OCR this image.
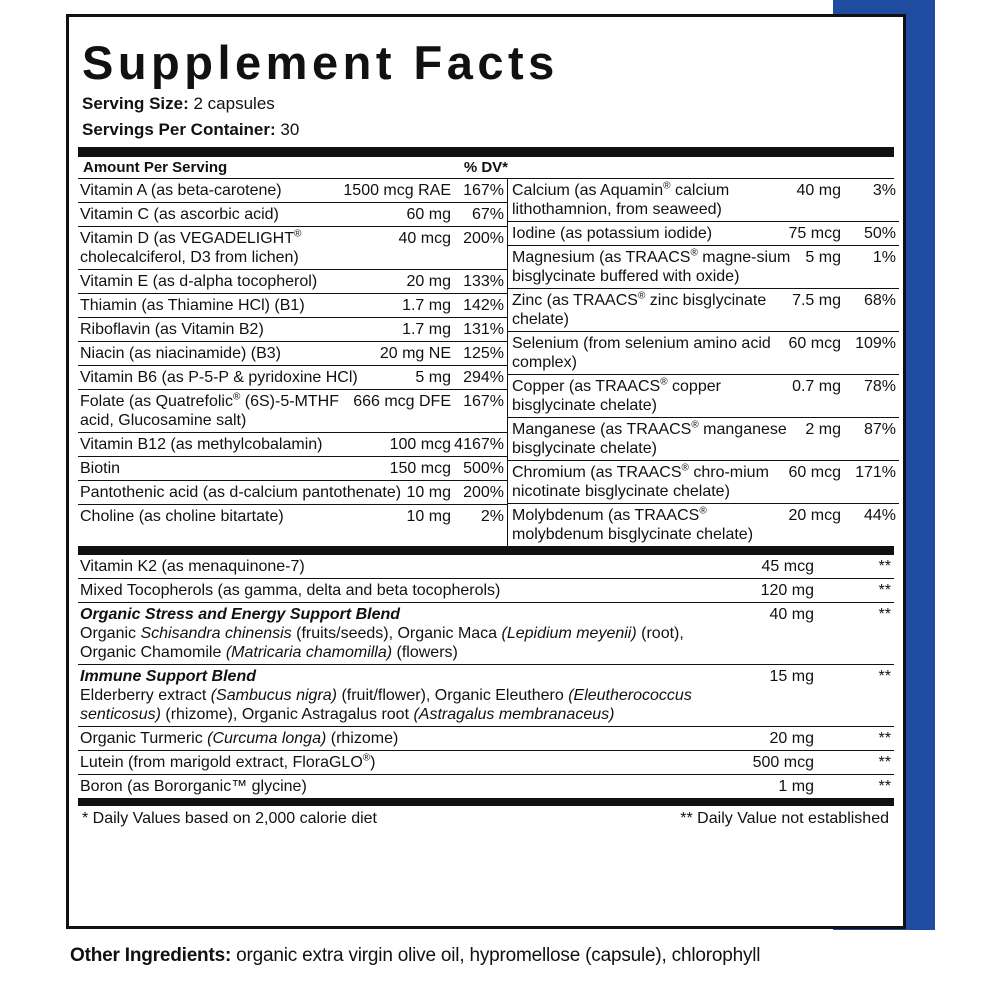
Supplement Facts
Serving Size: 2 capsules
Servings Per Container: 30
Amount Per Serving	% DV*
Vitamin A (as beta-carotene)	1500 mcg RAE 167%
Vitamin C (as ascorbic acid)	60 mg	67%
Vitamin D (as VEGADELIGHT® cholecalciferol, D3 from lichen)
40 mcg 200%
Vitamin E (as d-alpha tocopherol)	20 mg 133%
Thiamin (as Thiamine HCl) (B1)	1.7 mg 142%
Riboflavin (as Vitamin B2)	1.7 mg 131%
Niacin (as niacinamide) (B3)	20 mg NE 125%
Vitamin B6 (as P-5-P & pyridoxine HCl)	5 mg 294%
Folate (as Quatrefolic® (6S)-5-MTHF acid, Glucosamine salt)
666 mcg DFE 167%
Vitamin B12 (as methylcobalamin)	100 mcg 4167%
Biotin	150 mcg 500%
Pantothenic acid (as d-calcium pantothenate) 10 mg 200%
Choline (as choline bitartate)	10 mg	2%
Calcium (as Aquamin® calcium lithothamnion, from seaweed)
40 mg	3%
Iodine (as potassium iodide)	75 mcg	50%
Magnesium (as TRAACS® magne-sium bisglycinate buffered with oxide)
5 mg	1%
Zinc (as TRAACS® zinc bisglycinate chelate)
7.5 mg	68%
Selenium (from selenium amino acid complex)
60 mcg 109%
Copper (as TRAACS® copper bisglycinate chelate)
0.7 mg	78%
Manganese (as TRAACS® manganese bisglycinate chelate)
2 mg	87%
Chromium (as TRAACS® chro-mium nicotinate bisglycinate chelate)
60 mcg 171%
Molybdenum (as TRAACS® molybdenum bisglycinate chelate)
20 mcg	44%
Vitamin K2 (as menaquinone-7)	45 mcg	**
Mixed Tocopherols (as gamma, delta and beta tocopherols)	120 mg	**
Organic Stress and Energy Support Blend
Organic Schisandra chinensis (fruits/seeds), Organic Maca (Lepidium meyenii) (root), Organic Chamomile (Matricaria chamomilla) (flowers)
40 mg	**
Immune Support Blend
Elderberry extract (Sambucus nigra) (fruit/flower), Organic Eleuthero (Eleutherococcus senticosus) (rhizome), Organic Astragalus root (Astragalus membranaceus)
15 mg	**
Organic Turmeric (Curcuma longa) (rhizome)	20 mg	**
Lutein (from marigold extract, FloraGLO®)	500 mcg	**
Boron (as Bororganic™ glycine)	1 mg	**
* Daily Values based on 2,000 calorie diet	** Daily Value not established
Other Ingredients: organic extra virgin olive oil, hypromellose (capsule), chlorophyll
